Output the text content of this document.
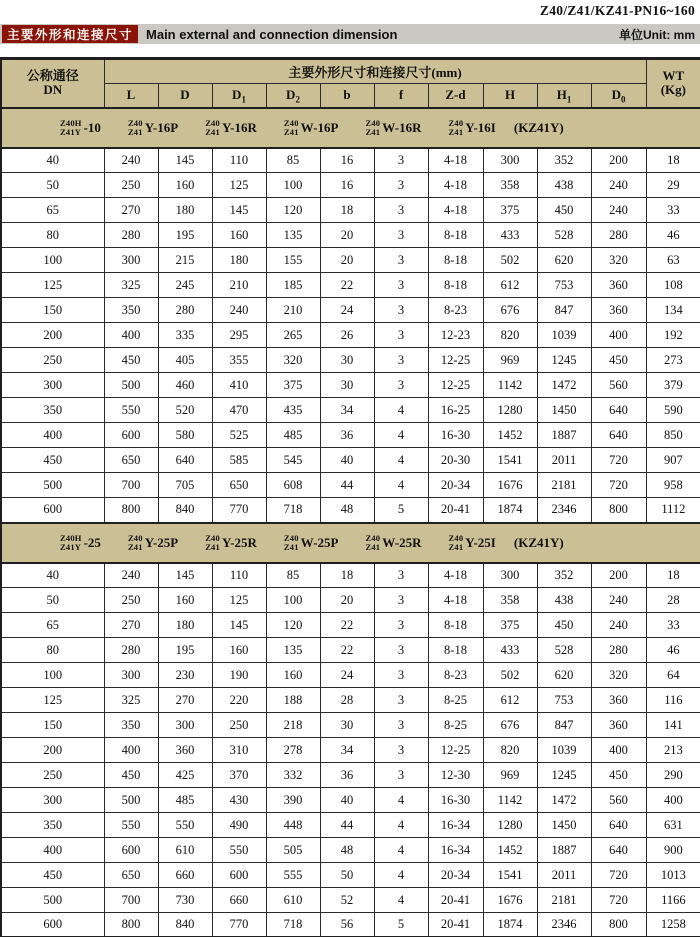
Z40/Z41/KZ41-PN16~160
主要外形和连接尺寸	Main external and connection dimension	单位Unit: mm
公称通径
DN
	主要外形尺寸和连接尺寸(mm)	WT
(Kg)

	L	D	$D_1$	$D_2$	b	f	Z-d	H	$H_1$	$D_0$

Z40H
Z41Y -10	Z40
Z41 Y-16P	Z40
Z41 Y-16R	Z40
Z41 W-16P	Z40
Z41 W-16R	Z40
Z41 Y-16I (KZ41Y)

40	240	145	110	85	16	3	4-18	300	352	200	18
50	250	160	125	100	16	3	4-18	358	438	240	29
65	270	180	145	120	18	3	4-18	375	450	240	33
80	280	195	160	135	20	3	8-18	433	528	280	46
100	300	215	180	155	20	3	8-18	502	620	320	63
125	325	245	210	185	22	3	8-18	612	753	360	108
150	350	280	240	210	24	3	8-23	676	847	360	134
200	400	335	295	265	26	3	12-23	820	1039	400	192
250	450	405	355	320	30	3	12-25	969	1245	450	273
300	500	460	410	375	30	3	12-25	1142	1472	560	379
350	550	520	470	435	34	4	16-25	1280	1450	640	590
400	600	580	525	485	36	4	16-30	1452	1887	640	850
450	650	640	585	545	40	4	20-30	1541	2011	720	907
500	700	705	650	608	44	4	20-34	1676	2181	720	958
600	800	840	770	718	48	5	20-41	1874	2346	800	1112

Z40H
Z41Y -25	Z40
Z41 Y-25P	Z40
Z41 Y-25R	Z40
Z41 W-25P	Z40
Z41 W-25R	Z40
Z41 Y-25I (KZ41Y)

40	240	145	110	85	18	3	4-18	300	352	200	18
50	250	160	125	100	20	3	4-18	358	438	240	28
65	270	180	145	120	22	3	8-18	375	450	240	33
80	280	195	160	135	22	3	8-18	433	528	280	46
100	300	230	190	160	24	3	8-23	502	620	320	64
125	325	270	220	188	28	3	8-25	612	753	360	116
150	350	300	250	218	30	3	8-25	676	847	360	141
200	400	360	310	278	34	3	12-25	820	1039	400	213
250	450	425	370	332	36	3	12-30	969	1245	450	290
300	500	485	430	390	40	4	16-30	1142	1472	560	400
350	550	550	490	448	44	4	16-34	1280	1450	640	631
400	600	610	550	505	48	4	16-34	1452	1887	640	900
450	650	660	600	555	50	4	20-34	1541	2011	720	1013
500	700	730	660	610	52	4	20-41	1676	2181	720	1166
600	800	840	770	718	56	5	20-41	1874	2346	800	1258
